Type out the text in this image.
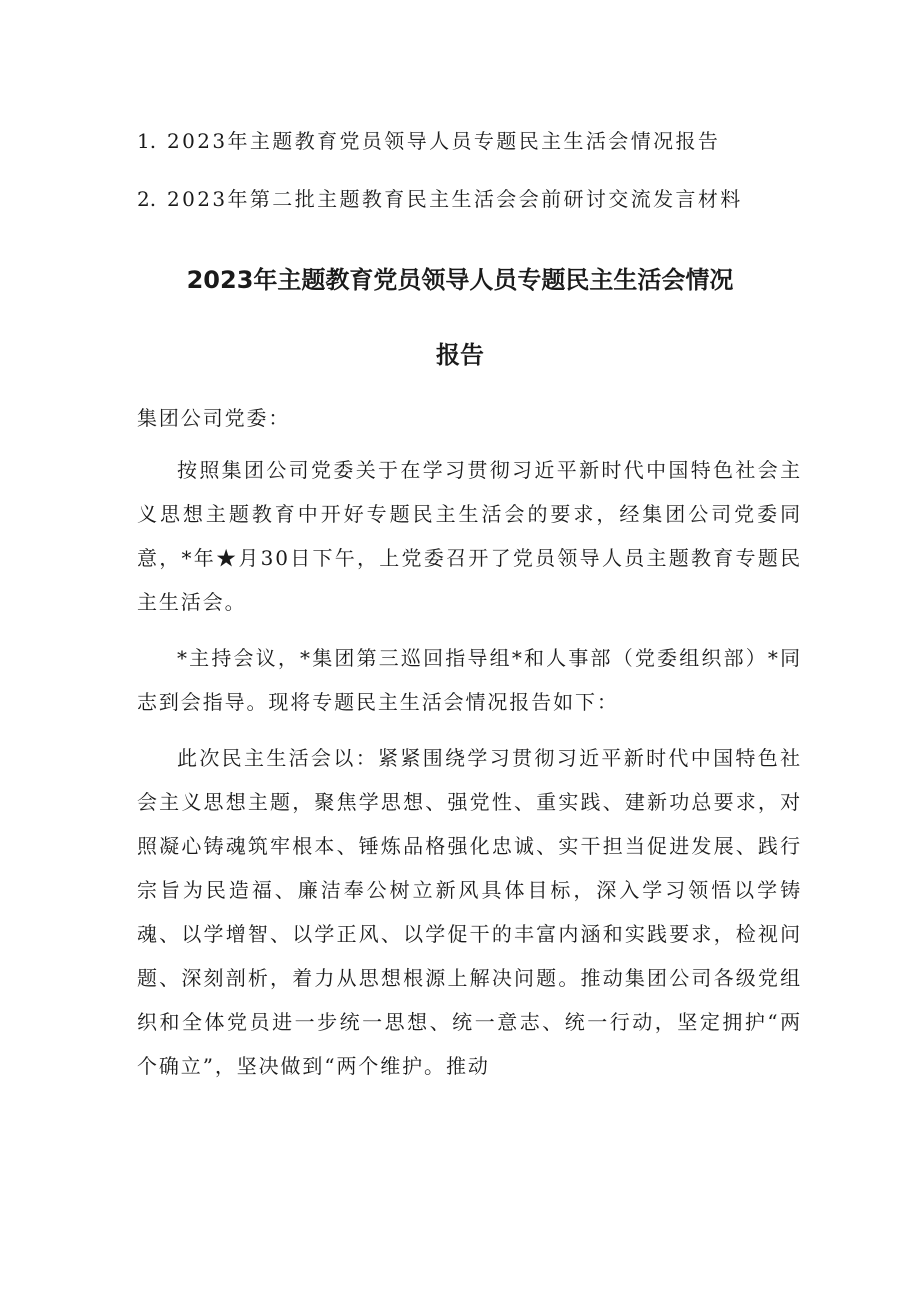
1. 2023年主题教育党员领导人员专题民主生活会情况报告
2. 2023年第二批主题教育民主生活会会前研讨交流发言材料
2023年主题教育党员领导人员专题民主生活会情况
报告

集团公司党委：

按照集团公司党委关于在学习贯彻习近平新时代中国特色社会主义思想主题教育中开好专题民主生活会的要求，经集团公司党委同意，*年★月30日下午，上党委召开了党员领导人员主题教育专题民主生活会。

*主持会议，*集团第三巡回指导组*和人事部（党委组织部）*同志到会指导。现将专题民主生活会情况报告如下：

此次民主生活会以：紧紧围绕学习贯彻习近平新时代中国特色社会主义思想主题，聚焦学思想、强党性、重实践、建新功总要求，对照凝心铸魂筑牢根本、锤炼品格强化忠诚、实干担当促进发展、践行宗旨为民造福、廉洁奉公树立新风具体目标，深入学习领悟以学铸魂、以学增智、以学正风、以学促干的丰富内涵和实践要求，检视问题、深刻剖析，着力从思想根源上解决问题。推动集团公司各级党组织和全体党员进一步统一思想、统一意志、统一行动，坚定拥护“两个确立”，坚决做到“两个维护。推动
